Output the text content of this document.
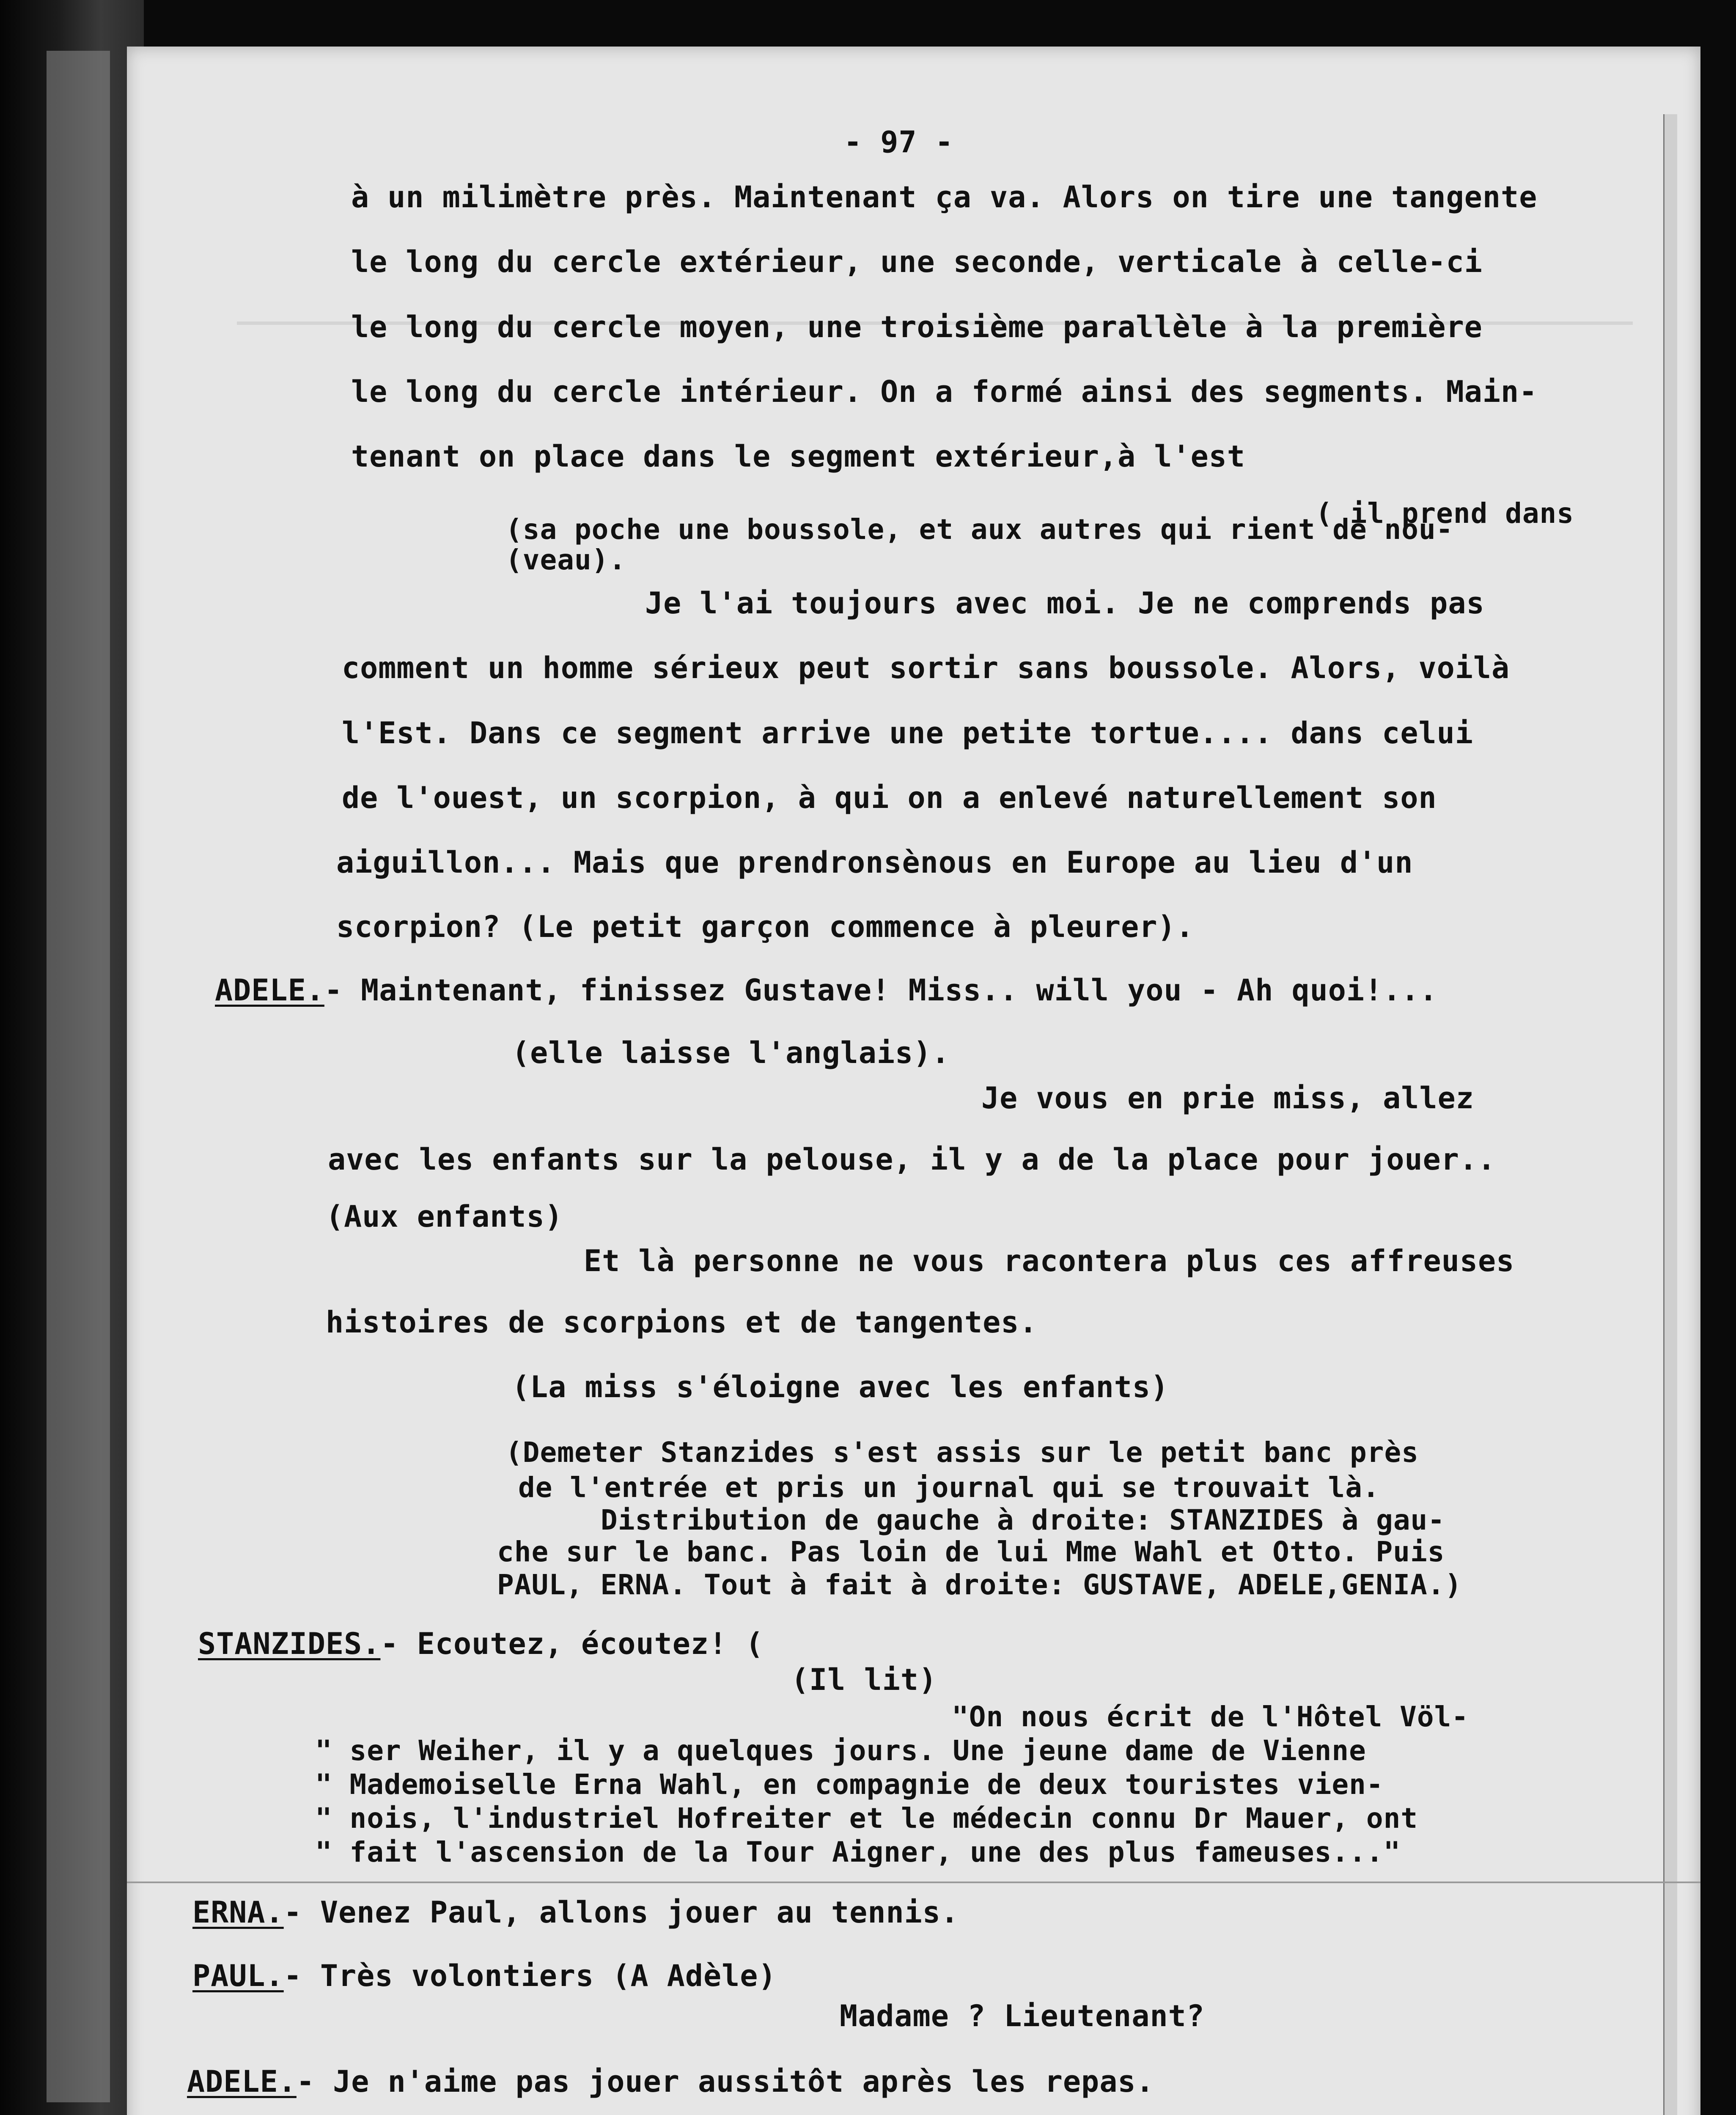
- 97 -
à un milimètre près. Maintenant ça va. Alors on tire une tangente
le long du cercle extérieur, une seconde, verticale à celle-ci
le long du cercle moyen, une troisième parallèle à la première
le long du cercle intérieur. On a formé ainsi des segments. Main-
tenant on place dans le segment extérieur,à l'est
( il prend dans
(sa poche une boussole, et aux autres qui rient de nou-
(veau).
Je l'ai toujours avec moi. Je ne comprends pas
comment un homme sérieux peut sortir sans boussole. Alors, voilà
l'Est. Dans ce segment arrive une petite tortue.... dans celui
de l'ouest, un scorpion, à qui on a enlevé naturellement son
aiguillon... Mais que prendronsènous en Europe au lieu d'un
scorpion? (Le petit garçon commence à pleurer).
ADELE.- Maintenant, finissez Gustave! Miss.. will you - Ah quoi!...
(elle laisse l'anglais).
Je vous en prie miss, allez
avec les enfants sur la pelouse, il y a de la place pour jouer..
(Aux enfants)
Et là personne ne vous racontera plus ces affreuses
histoires de scorpions et de tangentes.
(La miss s'éloigne avec les enfants)
(Demeter Stanzides s'est assis sur le petit banc près
de l'entrée et pris un journal qui se trouvait là.
Distribution de gauche à droite: STANZIDES à gau-
che sur le banc. Pas loin de lui Mme Wahl et Otto. Puis
PAUL, ERNA. Tout à fait à droite: GUSTAVE, ADELE,GENIA.)
STANZIDES.- Ecoutez, écoutez! (
(Il lit)
"On nous écrit de l'Hôtel Völ-
" ser Weiher, il y a quelques jours. Une jeune dame de Vienne
" Mademoiselle Erna Wahl, en compagnie de deux touristes vien-
" nois, l'industriel Hofreiter et le médecin connu Dr Mauer, ont
" fait l'ascension de la Tour Aigner, une des plus fameuses..."
ERNA.- Venez Paul, allons jouer au tennis.
PAUL.- Très volontiers (A Adèle)
Madame ? Lieutenant?
ADELE.- Je n'aime pas jouer aussitôt après les repas.
